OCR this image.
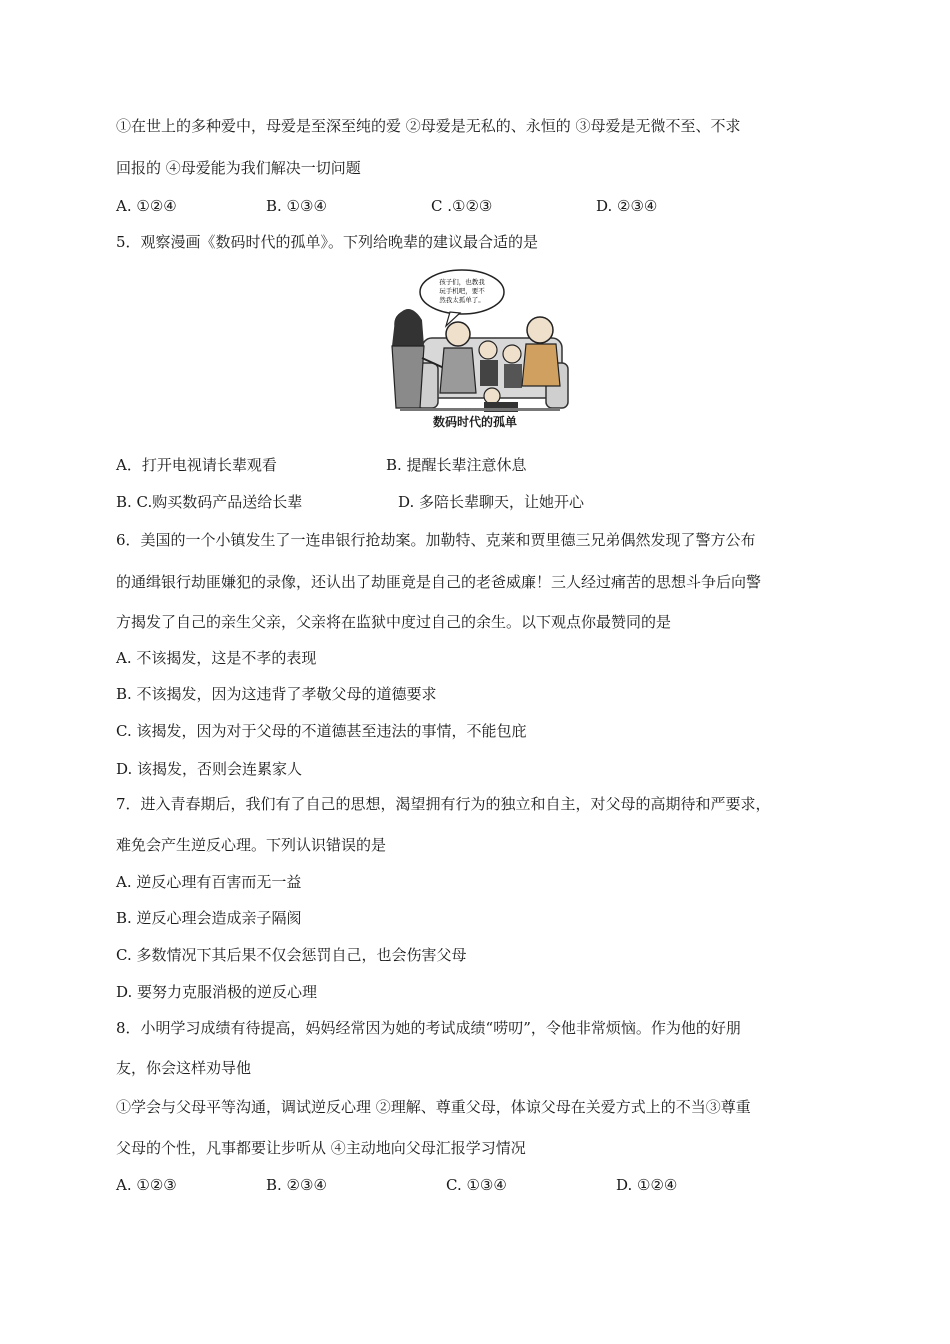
①在世上的多种爱中，母爱是至深至纯的爱 ②母爱是无私的、永恒的 ③母爱是无微不至、不求
回报的 ④母爱能为我们解决一切问题
A. ①②④	B. ①③④	C .①②③	D. ②③④
5．观察漫画《数码时代的孤单》。下列给晚辈的建议最合适的是
孩子们，也教我
玩手机吧，要不
然我太孤单了。
数码时代的孤单
A．打开电视请长辈观看	B. 提醒长辈注意休息
B. C.购买数码产品送给长辈	D. 多陪长辈聊天，让她开心
6．美国的一个小镇发生了一连串银行抢劫案。加勒特、克莱和贾里德三兄弟偶然发现了警方公布
的通缉银行劫匪嫌犯的录像，还认出了劫匪竟是自己的老爸威廉！三人经过痛苦的思想斗争后向警
方揭发了自己的亲生父亲，父亲将在监狱中度过自己的余生。以下观点你最赞同的是
A. 不该揭发，这是不孝的表现
B. 不该揭发，因为这违背了孝敬父母的道德要求
C. 该揭发，因为对于父母的不道德甚至违法的事情，不能包庇
D. 该揭发，否则会连累家人
7．进入青春期后，我们有了自己的思想，渴望拥有行为的独立和自主，对父母的高期待和严要求，
难免会产生逆反心理。下列认识错误的是
A. 逆反心理有百害而无一益
B. 逆反心理会造成亲子隔阂
C. 多数情况下其后果不仅会惩罚自己，也会伤害父母
D. 要努力克服消极的逆反心理
8．小明学习成绩有待提高，妈妈经常因为她的考试成绩“唠叨”，令他非常烦恼。作为他的好朋
友，你会这样劝导他
①学会与父母平等沟通，调试逆反心理 ②理解、尊重父母，体谅父母在关爱方式上的不当③尊重
父母的个性，凡事都要让步听从 ④主动地向父母汇报学习情况
A. ①②③	B. ②③④	C. ①③④	D. ①②④
